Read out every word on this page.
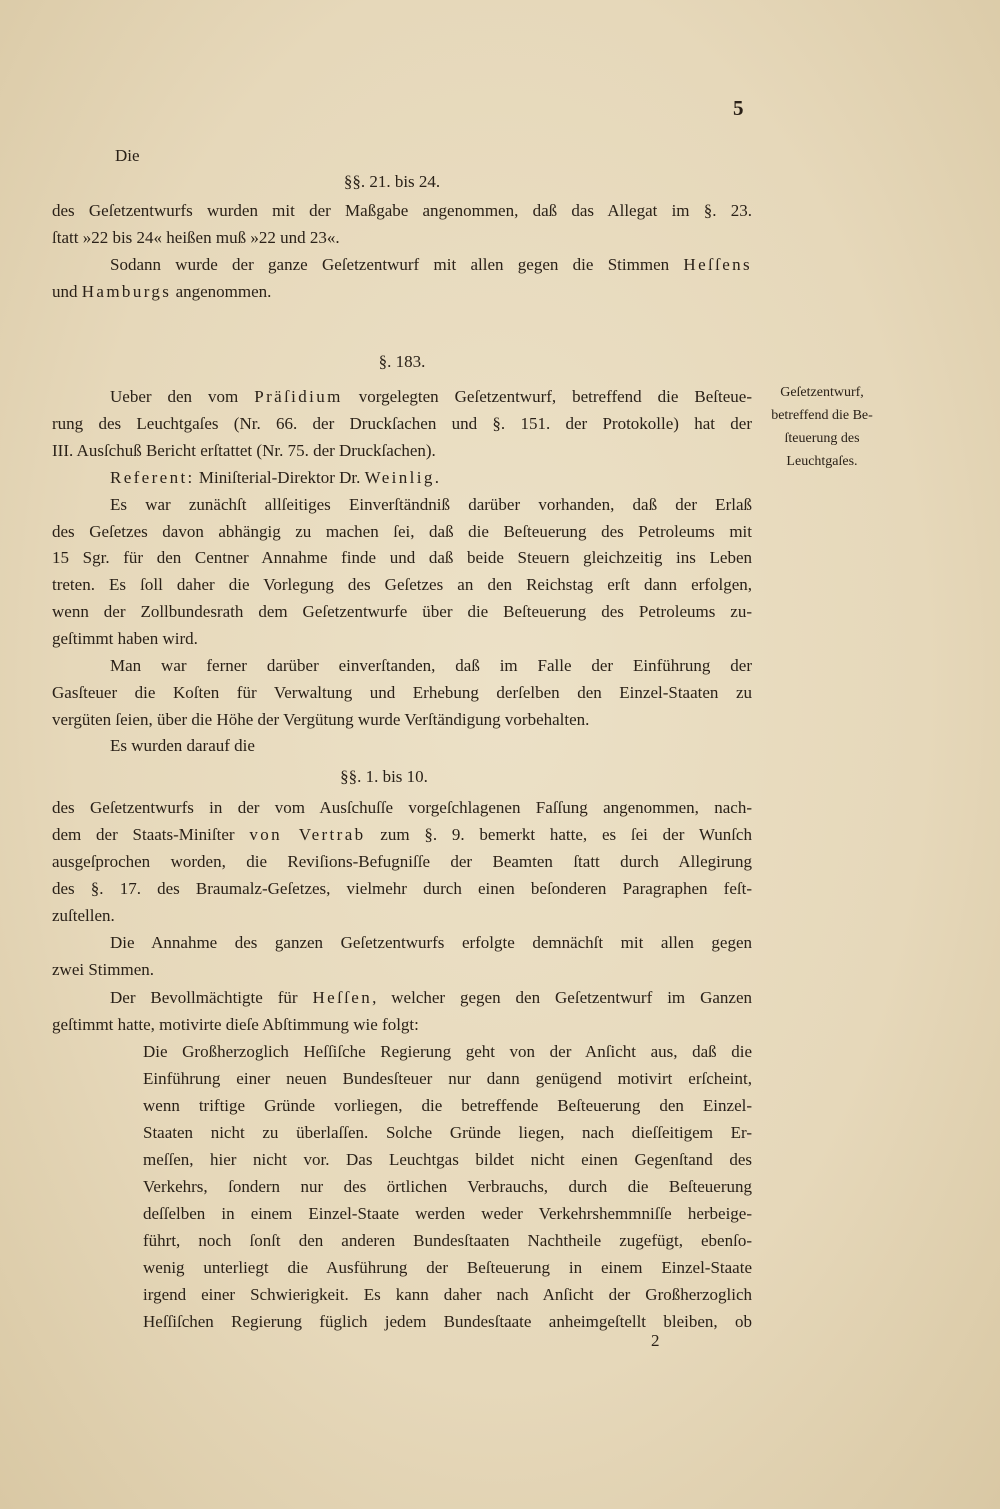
5
Die
§§. 21. bis 24.
des Geſetzentwurfs wurden mit der Maßgabe angenommen, daß das Allegat im §. 23.
ſtatt »22 bis 24« heißen muß »22 und 23«.
Sodann wurde der ganze Geſetzentwurf mit allen gegen die Stimmen Heſſens
und Hamburgs angenommen.
§. 183.
Ueber den vom Präſidium vorgelegten Geſetzentwurf, betreffend die Beſteue-
rung des Leuchtgaſes (Nr. 66. der Druckſachen und §. 151. der Protokolle) hat der
III. Ausſchuß Bericht erſtattet (Nr. 75. der Druckſachen).
Referent: Miniſterial-Direktor Dr. Weinlig.
Es war zunächſt allſeitiges Einverſtändniß darüber vorhanden, daß der Erlaß
des Geſetzes davon abhängig zu machen ſei, daß die Beſteuerung des Petroleums mit
15 Sgr. für den Centner Annahme finde und daß beide Steuern gleichzeitig ins Leben
treten. Es ſoll daher die Vorlegung des Geſetzes an den Reichstag erſt dann erfolgen,
wenn der Zollbundesrath dem Geſetzentwurfe über die Beſteuerung des Petroleums zu-
geſtimmt haben wird.
Man war ferner darüber einverſtanden, daß im Falle der Einführung der
Gasſteuer die Koſten für Verwaltung und Erhebung derſelben den Einzel-Staaten zu
vergüten ſeien, über die Höhe der Vergütung wurde Verſtändigung vorbehalten.
Es wurden darauf die
§§. 1. bis 10.
des Geſetzentwurfs in der vom Ausſchuſſe vorgeſchlagenen Faſſung angenommen, nach-
dem der Staats-Miniſter von Vertrab zum §. 9. bemerkt hatte, es ſei der Wunſch
ausgeſprochen worden, die Reviſions-Befugniſſe der Beamten ſtatt durch Allegirung
des §. 17. des Braumalz-Geſetzes, vielmehr durch einen beſonderen Paragraphen feſt-
zuſtellen.
Die Annahme des ganzen Geſetzentwurfs erfolgte demnächſt mit allen gegen
zwei Stimmen.
Der Bevollmächtigte für Heſſen, welcher gegen den Geſetzentwurf im Ganzen
geſtimmt hatte, motivirte dieſe Abſtimmung wie folgt:
Die Großherzoglich Heſſiſche Regierung geht von der Anſicht aus, daß die
Einführung einer neuen Bundesſteuer nur dann genügend motivirt erſcheint,
wenn triftige Gründe vorliegen, die betreffende Beſteuerung den Einzel-
Staaten nicht zu überlaſſen. Solche Gründe liegen, nach dieſſeitigem Er-
meſſen, hier nicht vor. Das Leuchtgas bildet nicht einen Gegenſtand des
Verkehrs, ſondern nur des örtlichen Verbrauchs, durch die Beſteuerung
deſſelben in einem Einzel-Staate werden weder Verkehrshemmniſſe herbeige-
führt, noch ſonſt den anderen Bundesſtaaten Nachtheile zugefügt, ebenſo-
wenig unterliegt die Ausführung der Beſteuerung in einem Einzel-Staate
irgend einer Schwierigkeit. Es kann daher nach Anſicht der Großherzoglich
Heſſiſchen Regierung füglich jedem Bundesſtaate anheimgeſtellt bleiben, ob
Geſetzentwurf,
betreffend die Be-
ſteuerung des
Leuchtgaſes.
2
